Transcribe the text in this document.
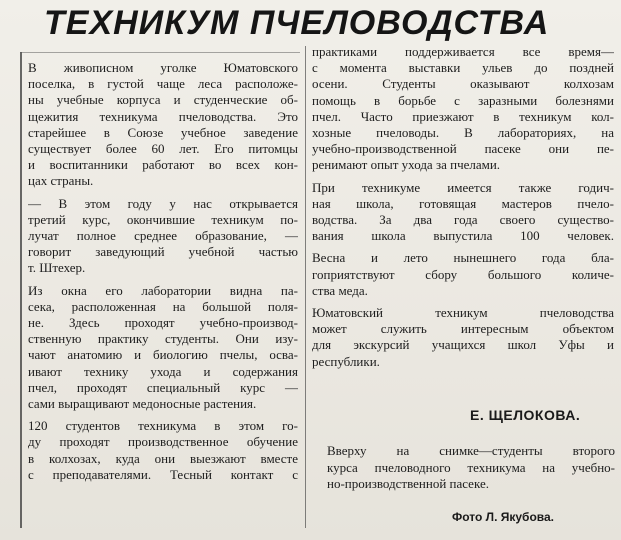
ТЕХНИКУМ ПЧЕЛОВОДСТВА
В живописном уголке Юматовского
поселка, в густой чаще леса расположе-
ны учебные корпуса и студенческие об-
щежития техникума пчеловодства. Это
старейшее в Союзе учебное заведение
существует более 60 лет. Его питомцы
и воспитанники работают во всех кон-
цах страны.
— В этом году у нас открывается
третий курс, окончившие техникум по-
лучат полное среднее образование, —
говорит заведующий учебной частью
т. Штехер.
Из окна его лаборатории видна па-
сека, расположенная на большой поля-
не. Здесь проходят учебно-производ-
ственную практику студенты. Они изу-
чают анатомию и биологию пчелы, осва-
ивают технику ухода и содержания
пчел, проходят специальный курс —
сами выращивают медоносные растения.
120 студентов техникума в этом го-
ду проходят производственное обучение
в колхозах, куда они выезжают вместе
с преподавателями. Тесный контакт с
практиками поддерживается все время—
с момента выставки ульев до поздней
осени. Студенты оказывают колхозам
помощь в борьбе с заразными болезнями
пчел. Часто приезжают в техникум кол-
хозные пчеловоды. В лабораториях, на
учебно-производственной пасеке они пе-
ренимают опыт ухода за пчелами.
При техникуме имеется также годич-
ная школа, готовящая мастеров пчело-
водства. За два года своего существо-
вания школа выпустила 100 человек.
Весна и лето нынешнего года бла-
гоприятствуют сбору большого количе-
ства меда.
Юматовский техникум пчеловодства
может служить интересным объектом
для экскурсий учащихся школ Уфы и
республики.
Е. ЩЕЛОКОВА.
Вверху на снимке—студенты второго
курса пчеловодного техникума на учебно-
но-производственной пасеке.
Фото Л. Якубова.
